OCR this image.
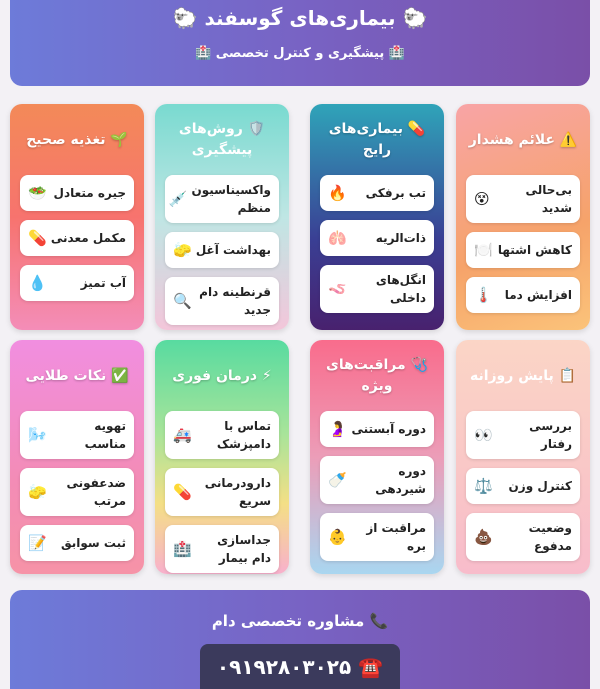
🐑 بیماری‌های گوسفند 🐑
🏥 پیشگیری و کنترل تخصصی 🏥
⚠️ علائم هشدار
بی‌حالی شدید
😵
کاهش اشتها
🍽️
افزایش دما
🌡️
💊 بیماری‌های رایج
تب برفکی
🔥
ذات‌الریه
🫁
انگل‌های داخلی
🪱
🛡️ روش‌های پیشگیری
واکسیناسیون منظم
💉
بهداشت آغل
🧽
قرنطینه دام جدید
🔍
🌱 تغذیه صحیح
جیره متعادل
🥗
مکمل معدنی
💊
آب تمیز
💧
📋 پایش روزانه
بررسی رفتار
👀
کنترل وزن
⚖️
وضعیت مدفوع
💩
🩺 مراقبت‌های ویژه
دوره آبستنی
🤰
دوره شیردهی
🍼
مراقبت از بره
👶
⚡ درمان فوری
تماس با دامپزشک
🚑
دارودرمانی سریع
💊
جداسازی دام بیمار
🏥
✅ نکات طلایی
تهویه مناسب
🌬️
ضدعفونی مرتب
🧽
ثبت سوابق
📝
📞 مشاوره تخصصی دام
☎️ ۰۹۱۹۲۸۰۳۰۲۵
